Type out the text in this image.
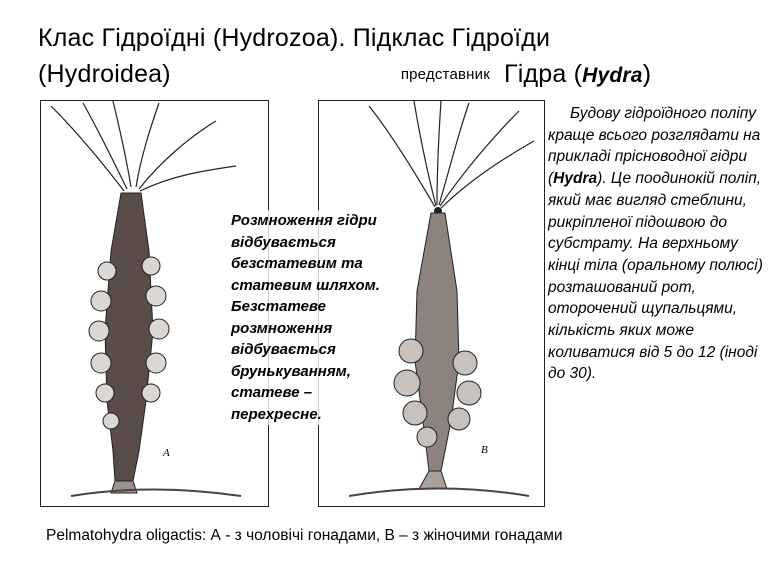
Клас Гідроїдні (Hydrozoa). Підклас Гідроїди
(Hydroidea)	представник Гідра (Hydra)
А	В
Розмноження гідри відбувається безстатевим та статевим шляхом. Безстатеве розмноження відбувається брунькуванням, статеве – перехресне.
Будову гідроїдного поліпу краще всього розглядати на прикладі прісноводної гідри (Hydra). Це поодинокій поліп, який має вигляд стеблини, рикріпленої підошвою до субстрату. На верхньому кінці тіла (оральному полюсі) розташований рот, оторочений щупальцями, кількість яких може коливатися від 5 до 12 (іноді до 30).
Pelmatohydra oligactis: А - з чоловічі гонадами, В – з жіночими гонадами
